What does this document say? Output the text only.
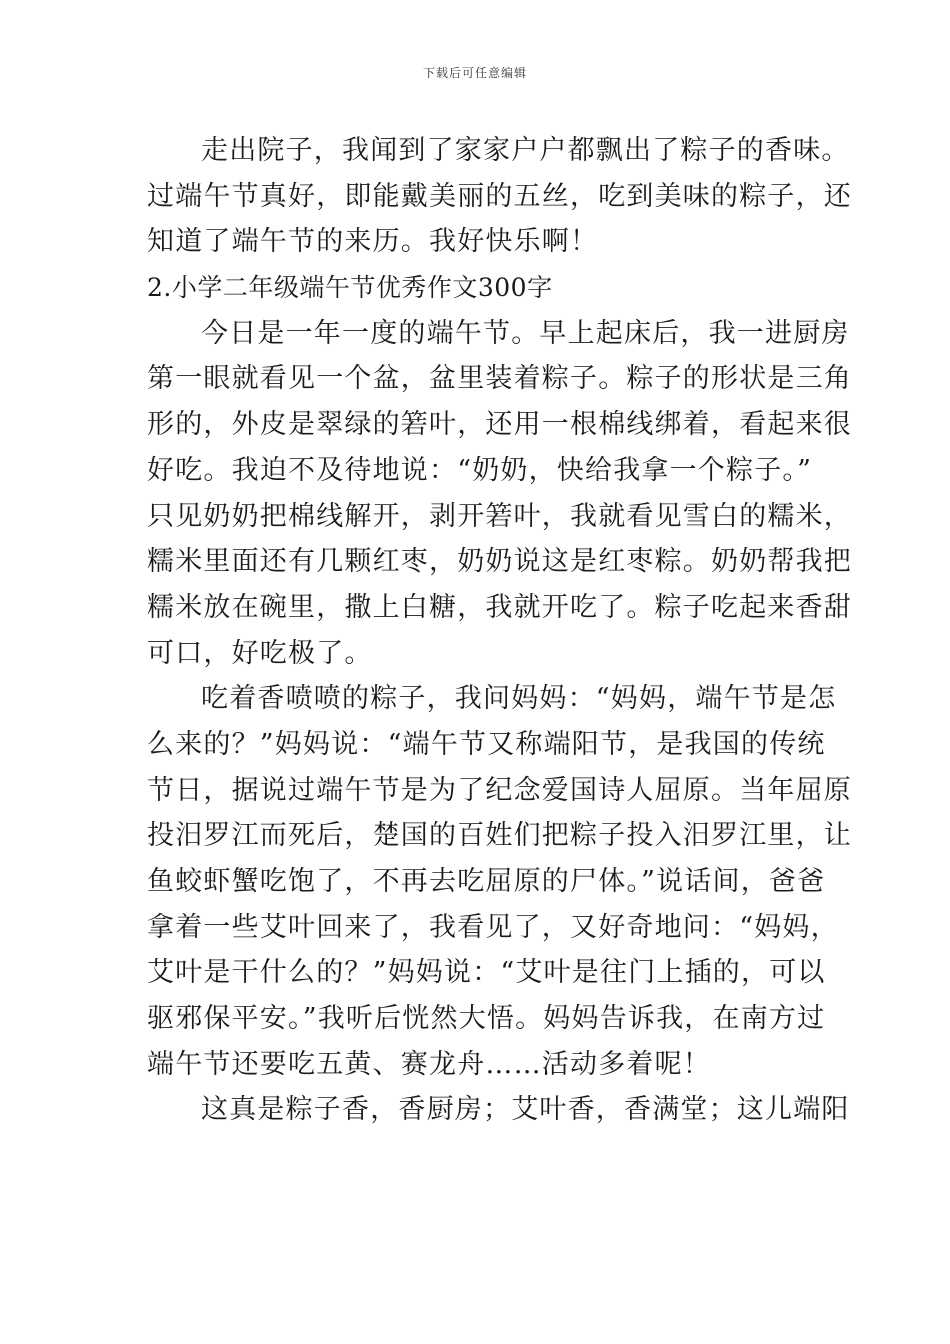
下载后可任意编辑
走出院子，我闻到了家家户户都飘出了粽子的香味。
过端午节真好，即能戴美丽的五丝，吃到美味的粽子，还
知道了端午节的来历。我好快乐啊！
2.小学二年级端午节优秀作文300字
今日是一年一度的端午节。早上起床后，我一进厨房
第一眼就看见一个盆，盆里装着粽子。粽子的形状是三角
形的，外皮是翠绿的箬叶，还用一根棉线绑着，看起来很
好吃。我迫不及待地说：“奶奶，快给我拿一个粽子。”
只见奶奶把棉线解开，剥开箬叶，我就看见雪白的糯米，
糯米里面还有几颗红枣，奶奶说这是红枣粽。奶奶帮我把
糯米放在碗里，撒上白糖，我就开吃了。粽子吃起来香甜
可口，好吃极了。
吃着香喷喷的粽子，我问妈妈：“妈妈，端午节是怎
么来的？”妈妈说：“端午节又称端阳节，是我国的传统
节日，据说过端午节是为了纪念爱国诗人屈原。当年屈原
投汨罗江而死后，楚国的百姓们把粽子投入汨罗江里，让
鱼蛟虾蟹吃饱了，不再去吃屈原的尸体。”说话间，爸爸
拿着一些艾叶回来了，我看见了，又好奇地问：“妈妈，
艾叶是干什么的？”妈妈说：“艾叶是往门上插的，可以
驱邪保平安。”我听后恍然大悟。妈妈告诉我，在南方过
端午节还要吃五黄、赛龙舟……活动多着呢！
这真是粽子香，香厨房；艾叶香，香满堂；这儿端阳
